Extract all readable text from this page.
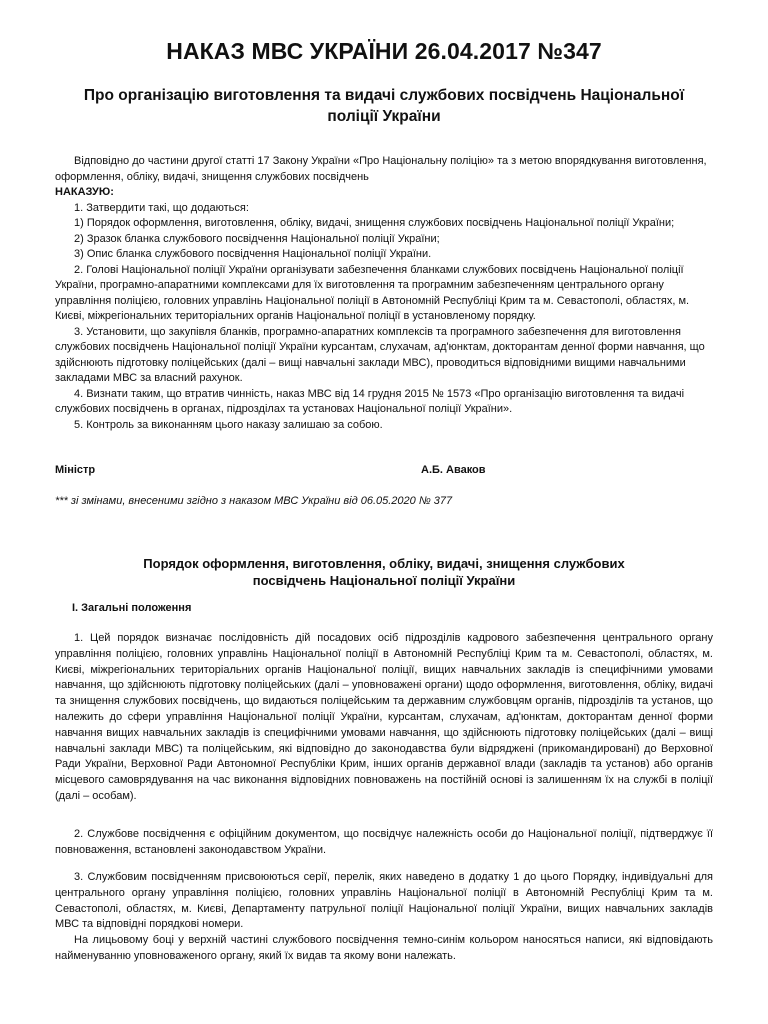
НАКАЗ МВС УКРАЇНИ 26.04.2017 №347
Про організацію виготовлення та видачі службових посвідчень Національної поліції України

Відповідно до частини другої статті 17 Закону України «Про Національну поліцію» та з метою впорядкування виготовлення, оформлення, обліку, видачі, знищення службових посвідчень

НАКАЗУЮ:

1. Затвердити такі, що додаються:

1) Порядок оформлення, виготовлення, обліку, видачі, знищення службових посвідчень Національної поліції України;

2) Зразок бланка службового посвідчення Національної поліції України;

3) Опис бланка службового посвідчення Національної поліції України.

2. Голові Національної поліції України організувати забезпечення бланками службових посвідчень Національної поліції України, програмно-апаратними комплексами для їх виготовлення та програмним забезпеченням центрального органу управління поліцією, головних управлінь Національної поліції в Автономній Республіці Крим та м. Севастополі, областях, м. Києві, міжрегіональних територіальних органів Національної поліції в установленому порядку.

3. Установити, що закупівля бланків, програмно-апаратних комплексів та програмного забезпечення для виготовлення службових посвідчень Національної поліції України курсантам, слухачам, ад'юнктам, докторантам денної форми навчання, що здійснюють підготовку поліцейських (далі – вищі навчальні заклади МВС), проводиться відповідними вищими навчальними закладами МВС за власний рахунок.

4. Визнати таким, що втратив чинність, наказ МВС від 14 грудня 2015 № 1573 «Про організацію виготовлення та видачі службових посвідчень в органах, підрозділах та установах Національної поліції України».

5. Контроль за виконанням цього наказу залишаю за собою.

Міністр	А.Б. Аваков
*** зі змінами, внесеними згідно з наказом МВС України від 06.05.2020 № 377
Порядок оформлення, виготовлення, обліку, видачі, знищення службових посвідчень Національної поліції України
I. Загальні положення

1. Цей порядок визначає послідовність дій посадових осіб підрозділів кадрового забезпечення центрального органу управління поліцією, головних управлінь Національної поліції в Автономній Республіці Крим та м. Севастополі, областях, м. Києві, міжрегіональних територіальних органів Національної поліції, вищих навчальних закладів із специфічними умовами навчання, що здійснюють підготовку поліцейських (далі – уповноважені органи) щодо оформлення, виготовлення, обліку, видачі та знищення службових посвідчень, що видаються поліцейським та державним службовцям органів, підрозділів та установ, що належить до сфери управління Національної поліції України, курсантам, слухачам, ад'юнктам, докторантам денної форми навчання вищих навчальних закладів із специфічними умовами навчання, що здійснюють підготовку поліцейських (далі – вищі навчальні заклади МВС) та поліцейським, які відповідно до законодавства були відряджені (прикомандировані) до Верховної Ради України, Верховної Ради Автономної Республіки Крим, інших органів державної влади (закладів та установ) або органів місцевого самоврядування на час виконання відповідних повноважень на постійній основі із залишенням їх на службі в поліції (далі – особам).

2. Службове посвідчення є офіційним документом, що посвідчує належність особи до Національної поліції, підтверджує її повноваження, встановлені законодавством України.

3. Службовим посвідченням присвоюються серії, перелік, яких наведено в додатку 1 до цього Порядку, індивідуальні для центрального органу управління поліцією, головних управлінь Національної поліції в Автономній Республіці Крим та м. Севастополі, областях, м. Києві, Департаменту патрульної поліції Національної поліції України, вищих навчальних закладів МВС та відповідні порядкові номери.

На лицьовому боці у верхній частині службового посвідчення темно-синім кольором наносяться написи, які відповідають найменуванню уповноваженого органу, який їх видав та якому вони належать.
